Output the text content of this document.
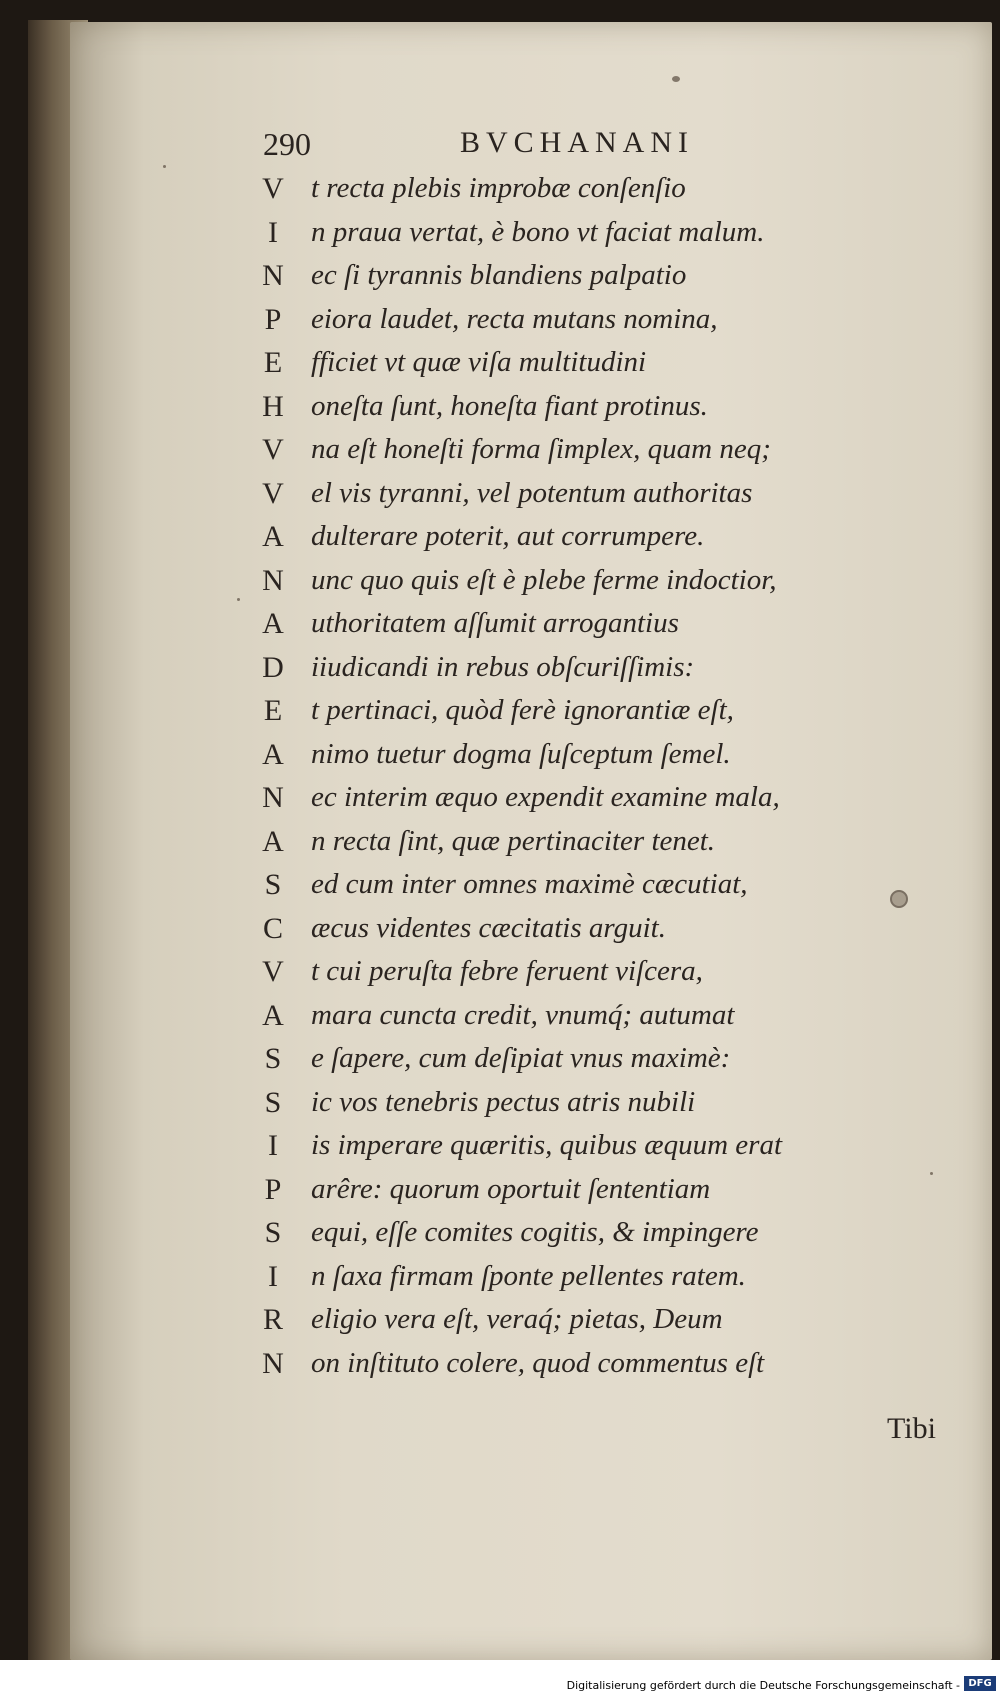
290	BVCHANANI
V t recta plebis improbæ conſenſio
I	n praua vertat, è bono vt faciat malum.
N ec ſi tyrannis blandiens palpatio
P	eiora laudet, recta mutans nomina,
E fficiet vt quæ viſa multitudini
H oneſta ſunt, honeſta fiant protinus.
V na eſt honeſti forma ſimplex, quam neq;
V el vis tyranni, vel potentum authoritas
A dulterare poterit, aut corrumpere.
N unc quo quis eſt è plebe ferme indoctior,
A uthoritatem aſſumit arrogantius
D iiudicandi in rebus obſcuriſſimis:
E t pertinaci, quòd ferè ignorantiæ eſt,
A nimo tuetur dogma ſuſceptum ſemel.
N ec interim æquo expendit examine mala,
A n recta ſint, quæ pertinaciter tenet.
S	ed cum inter omnes maximè cæcutiat,
C æcus videntes cæcitatis arguit.
V t cui peruſta febre feruent viſcera,
A mara cuncta credit, vnumq́; autumat
S	e ſapere, cum deſipiat vnus maximè:
S	ic vos tenebris pectus atris nubili
I	is imperare quæritis, quibus æquum erat
P	arêre: quorum oportuit ſententiam
S	equi, eſſe comites cogitis, & impingere
I	n ſaxa firmam ſponte pellentes ratem.
R eligio vera eſt, veraq́; pietas, Deum
N on inſtituto colere, quod commentus eſt
Tibi
Digitalisierung gefördert durch die Deutsche Forschungsgemeinschaft - DFG
